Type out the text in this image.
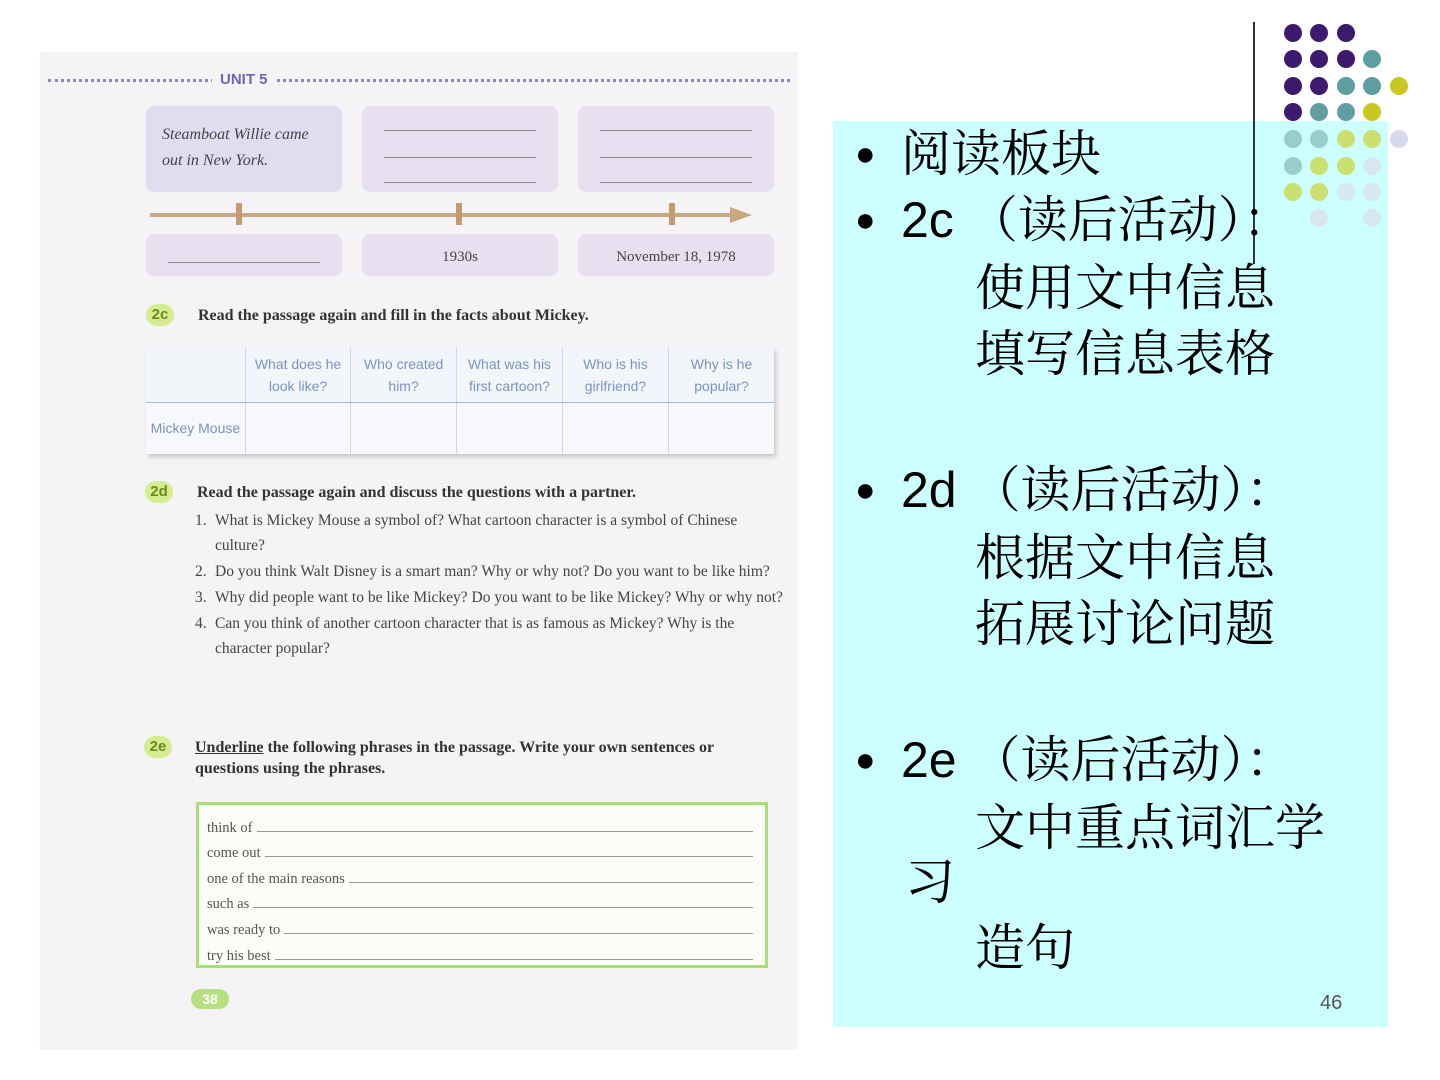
UNIT 5
Steamboat Willie came out in New York.
1930s	November 18, 1978
2c	Read the passage again and fill in the facts about Mickey.
	What does he look like?	Who created him?	What was his first cartoon?	Who is his girlfriend?	Why is he popular?
Mickey Mouse					
2d	Read the passage again and discuss the questions with a partner.
1. What is Mickey Mouse a symbol of? What cartoon character is a symbol of Chinese culture?
2. Do you think Walt Disney is a smart man? Why or why not? Do you want to be like him?
3. Why did people want to be like Mickey? Do you want to be like Mickey? Why or why not?
4. Can you think of another cartoon character that is as famous as Mickey? Why is the character popular?
2e	Underline the following phrases in the passage. Write your own sentences or questions using the phrases.
think of
come out
one of the main reasons
such as
was ready to
try his best
38
● 阅读板块
● 2c （读后活动）：
使用文中信息
填写信息表格
● 2d （读后活动）：
根据文中信息
拓展讨论问题
● 2e （读后活动）：
文中重点词汇学
习
造句
46
